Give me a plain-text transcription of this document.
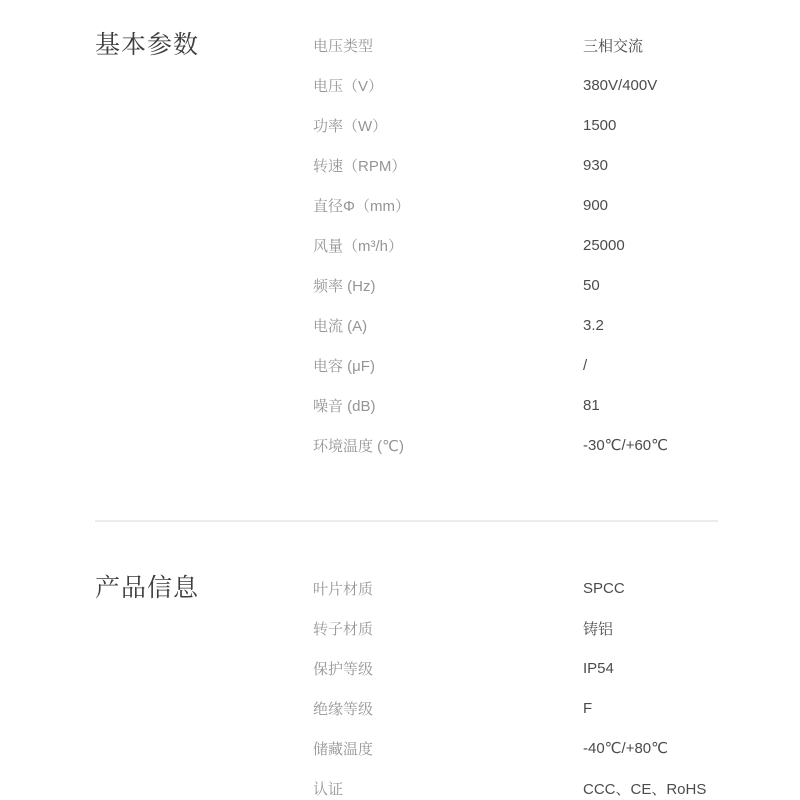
基本参数	电压类型	三相交流
电压（V）	380V/400V
功率（W）	1500
转速（RPM）	930
直径Φ（mm）	900
风量（m³/h）	25000
频率 (Hz)	50
电流 (A)	3.2
电容 (μF)	/
噪音 (dB)	81
环境温度 (℃)	-30℃/+60℃
产品信息	叶片材质	SPCC
转子材质	铸铝
保护等级	IP54
绝缘等级	F
储藏温度	-40℃/+80℃
认证	CCC、CE、RoHS
